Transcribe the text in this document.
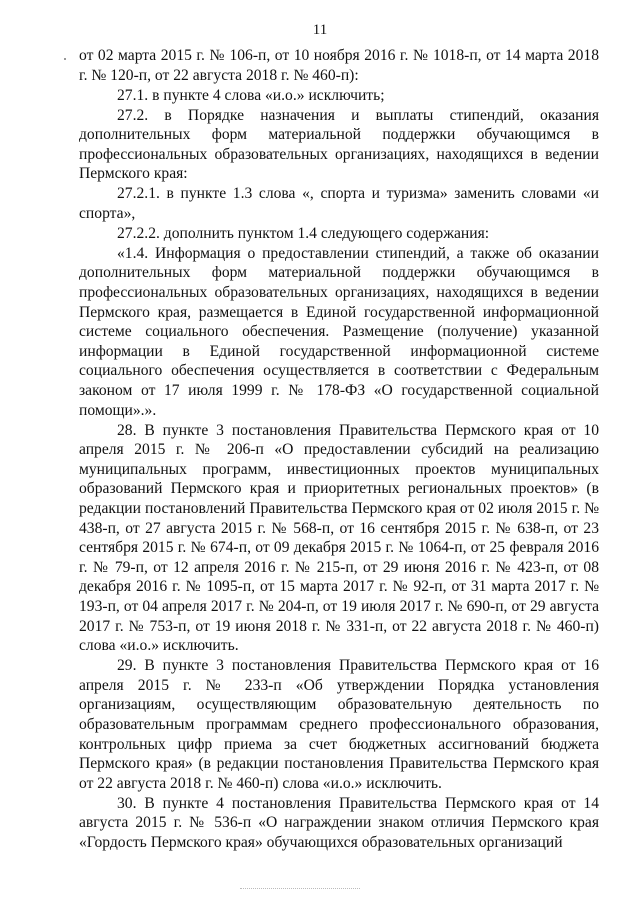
11

от 02 марта 2015 г. № 106-п, от 10 ноября 2016 г. № 1018-п, от 14 марта 2018 г. № 120-п, от 22 августа 2018 г. № 460-п):

27.1. в пункте 4 слова «и.о.» исключить;

27.2. в Порядке назначения и выплаты стипендий, оказания дополнительных форм материальной поддержки обучающимся в профессиональных образовательных организациях, находящихся в ведении Пермского края:

27.2.1. в пункте 1.3 слова «, спорта и туризма» заменить словами «и спорта»,

27.2.2. дополнить пунктом 1.4 следующего содержания:

«1.4. Информация о предоставлении стипендий, а также об оказании дополнительных форм материальной поддержки обучающимся в профессиональных образовательных организациях, находящихся в ведении Пермского края, размещается в Единой государственной информационной системе социального обеспечения. Размещение (получение) указанной информации в Единой государственной информационной системе социального обеспечения осуществляется в соответствии с Федеральным законом от 17 июля 1999 г. № 178-ФЗ «О государственной социальной помощи».».

28. В пункте 3 постановления Правительства Пермского края от 10 апреля 2015 г. № 206-п «О предоставлении субсидий на реализацию муниципальных программ, инвестиционных проектов муниципальных образований Пермского края и приоритетных региональных проектов» (в редакции постановлений Правительства Пермского края от 02 июля 2015 г. № 438-п, от 27 августа 2015 г. № 568-п, от 16 сентября 2015 г. № 638-п, от 23 сентября 2015 г. № 674-п, от 09 декабря 2015 г. № 1064-п, от 25 февраля 2016 г. № 79-п, от 12 апреля 2016 г. № 215-п, от 29 июня 2016 г. № 423-п, от 08 декабря 2016 г. № 1095-п, от 15 марта 2017 г. № 92-п, от 31 марта 2017 г. № 193-п, от 04 апреля 2017 г. № 204-п, от 19 июля 2017 г. № 690-п, от 29 августа 2017 г. № 753-п, от 19 июня 2018 г. № 331-п, от 22 августа 2018 г. № 460-п) слова «и.о.» исключить.

29. В пункте 3 постановления Правительства Пермского края от 16 апреля 2015 г. № 233-п «Об утверждении Порядка установления организациям, осуществляющим образовательную деятельность по образовательным программам среднего профессионального образования, контрольных цифр приема за счет бюджетных ассигнований бюджета Пермского края» (в редакции постановления Правительства Пермского края от 22 августа 2018 г. № 460-п) слова «и.о.» исключить.

30. В пункте 4 постановления Правительства Пермского края от 14 августа 2015 г. № 536-п «О награждении знаком отличия Пермского края «Гордость Пермского края» обучающихся образовательных организаций
